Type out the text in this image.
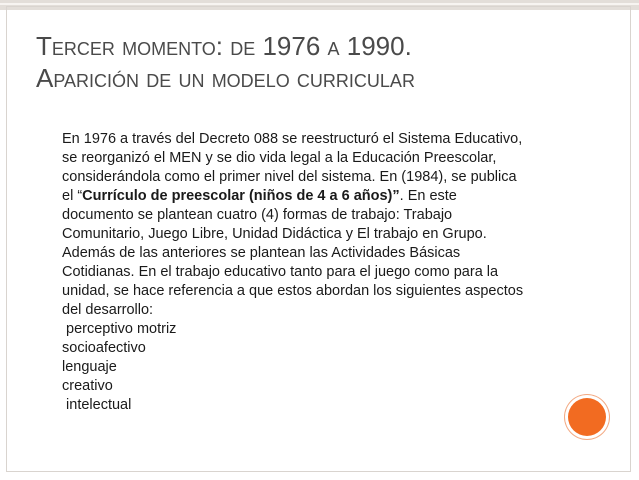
Tercer momento: de 1976 a 1990.
Aparición de un modelo curricular

En 1976 a través del Decreto 088 se reestructuró el Sistema Educativo, se reorganizó el MEN y se dio vida legal a la Educación Preescolar, considerándola como el primer nivel del sistema. En (1984), se publica el “Currículo de preescolar (niños de 4 a 6 años)”. En este documento se plantean cuatro (4) formas de trabajo: Trabajo Comunitario, Juego Libre, Unidad Didáctica y El trabajo en Grupo. Además de las anteriores se plantean las Actividades Básicas Cotidianas. En el trabajo educativo tanto para el juego como para la unidad, se hace referencia a que estos abordan los siguientes aspectos del desarrollo:

perceptivo motriz
socioafectivo
lenguaje
creativo
intelectual
